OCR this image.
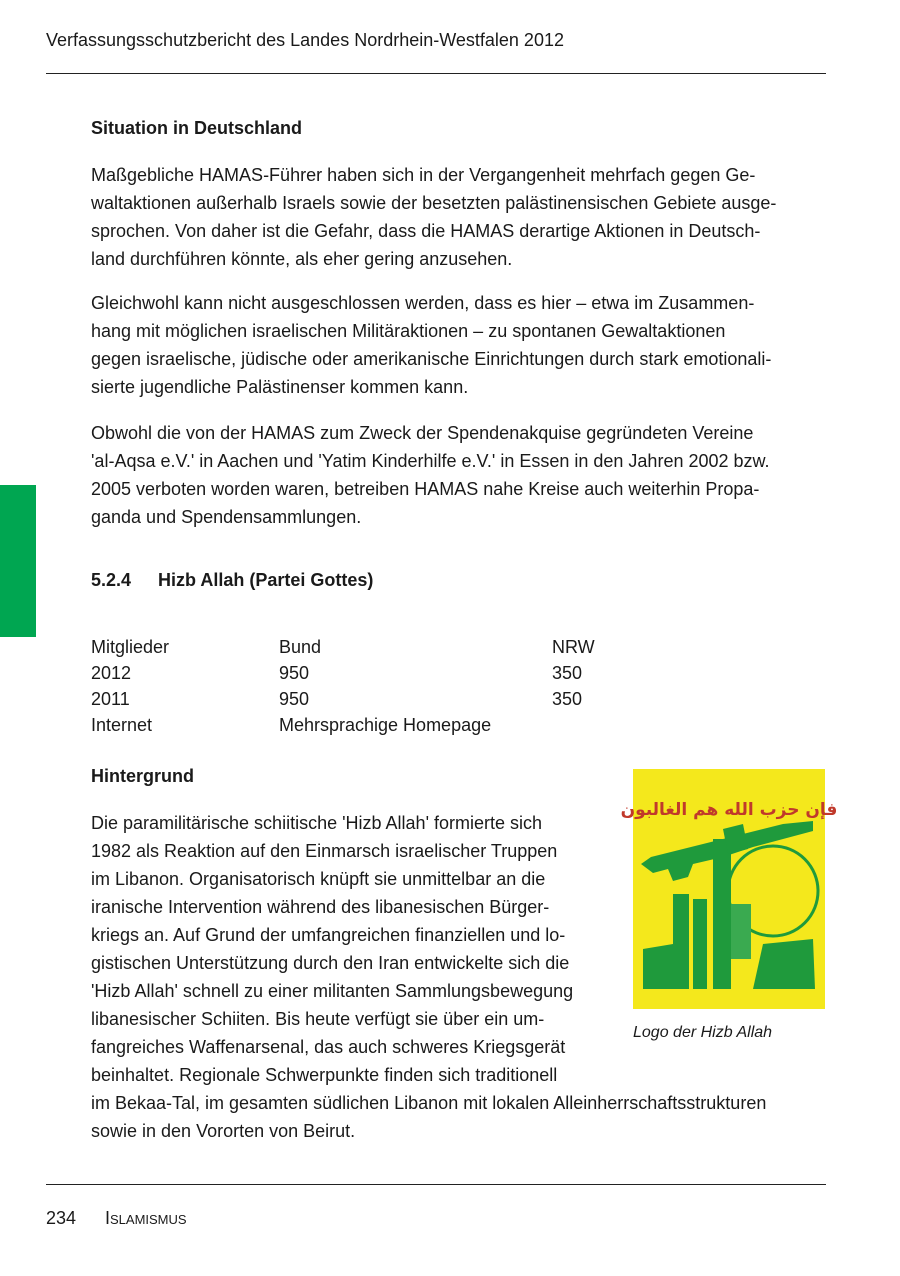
Verfassungsschutzbericht des Landes Nordrhein-Westfalen 2012
Situation in Deutschland
Maßgebliche HAMAS-Führer haben sich in der Vergangenheit mehrfach gegen Ge-
waltaktionen außerhalb Israels sowie der besetzten palästinensischen Gebiete ausge-
sprochen. Von daher ist die Gefahr, dass die HAMAS derartige Aktionen in Deutsch-
land durchführen könnte, als eher gering anzusehen.
Gleichwohl kann nicht ausgeschlossen werden, dass es hier – etwa im Zusammen-
hang mit möglichen israelischen Militäraktionen – zu spontanen Gewaltaktionen
gegen israelische, jüdische oder amerikanische Einrichtungen durch stark emotionali-
sierte jugendliche Palästinenser kommen kann.
Obwohl die von der HAMAS zum Zweck der Spendenakquise gegründeten Vereine
'al-Aqsa e.V.' in Aachen und 'Yatim Kinderhilfe e.V.' in Essen in den Jahren 2002 bzw.
2005 verboten worden waren, betreiben HAMAS nahe Kreise auch weiterhin Propa-
ganda und Spendensammlungen.
5.2.4 Hizb Allah (Partei Gottes)
Mitglieder	Bund	NRW
2012	950	350
2011	950	350
Internet	Mehrsprachige Homepage
Hintergrund
Die paramilitärische schiitische 'Hizb Allah' formierte sich
1982 als Reaktion auf den Einmarsch israelischer Truppen
im Libanon. Organisatorisch knüpft sie unmittelbar an die
iranische Intervention während des libanesischen Bürger-
kriegs an. Auf Grund der umfangreichen finanziellen und lo-
gistischen Unterstützung durch den Iran entwickelte sich die
'Hizb Allah' schnell zu einer militanten Sammlungsbewegung
libanesischer Schiiten. Bis heute verfügt sie über ein um-
fangreiches Waffenarsenal, das auch schweres Kriegsgerät
beinhaltet. Regionale Schwerpunkte finden sich traditionell
im Bekaa-Tal, im gesamten südlichen Libanon mit lokalen Alleinherrschaftsstrukturen
sowie in den Vororten von Beirut.
فإن حزب الله هم الغالبون
Logo der Hizb Allah
234 Islamismus
